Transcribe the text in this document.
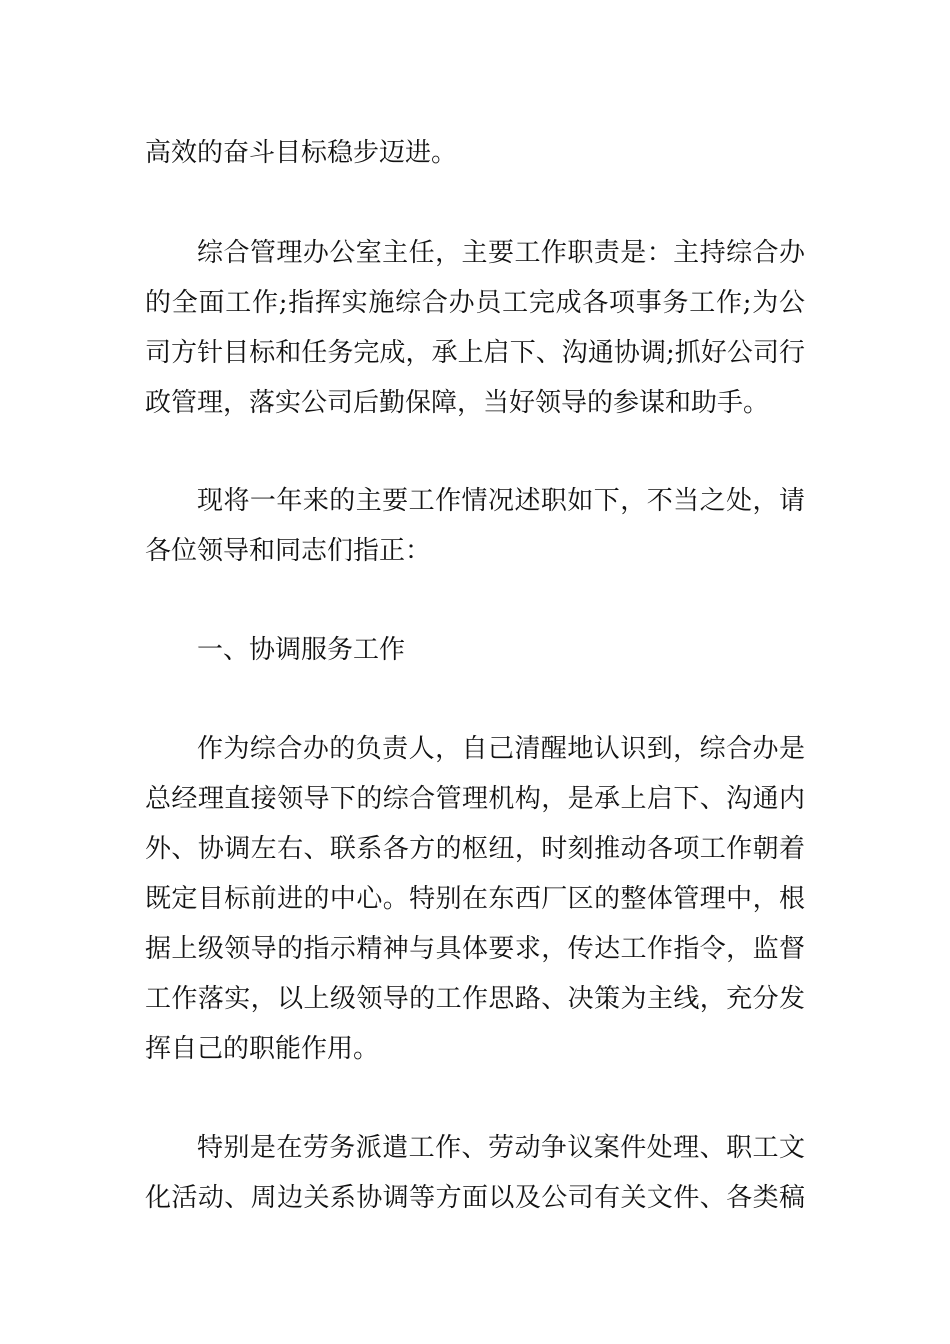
高效的奋斗目标稳步迈进。
综合管理办公室主任，主要工作职责是：主持综合办
的全面工作;指挥实施综合办员工完成各项事务工作;为公
司方针目标和任务完成，承上启下、沟通协调;抓好公司行
政管理，落实公司后勤保障，当好领导的参谋和助手。
现将一年来的主要工作情况述职如下，不当之处，请
各位领导和同志们指正：
一、协调服务工作
作为综合办的负责人，自己清醒地认识到，综合办是
总经理直接领导下的综合管理机构，是承上启下、沟通内
外、协调左右、联系各方的枢纽，时刻推动各项工作朝着
既定目标前进的中心。特别在东西厂区的整体管理中，根
据上级领导的指示精神与具体要求，传达工作指令，监督
工作落实，以上级领导的工作思路、决策为主线，充分发
挥自己的职能作用。
特别是在劳务派遣工作、劳动争议案件处理、职工文
化活动、周边关系协调等方面以及公司有关文件、各类稿
